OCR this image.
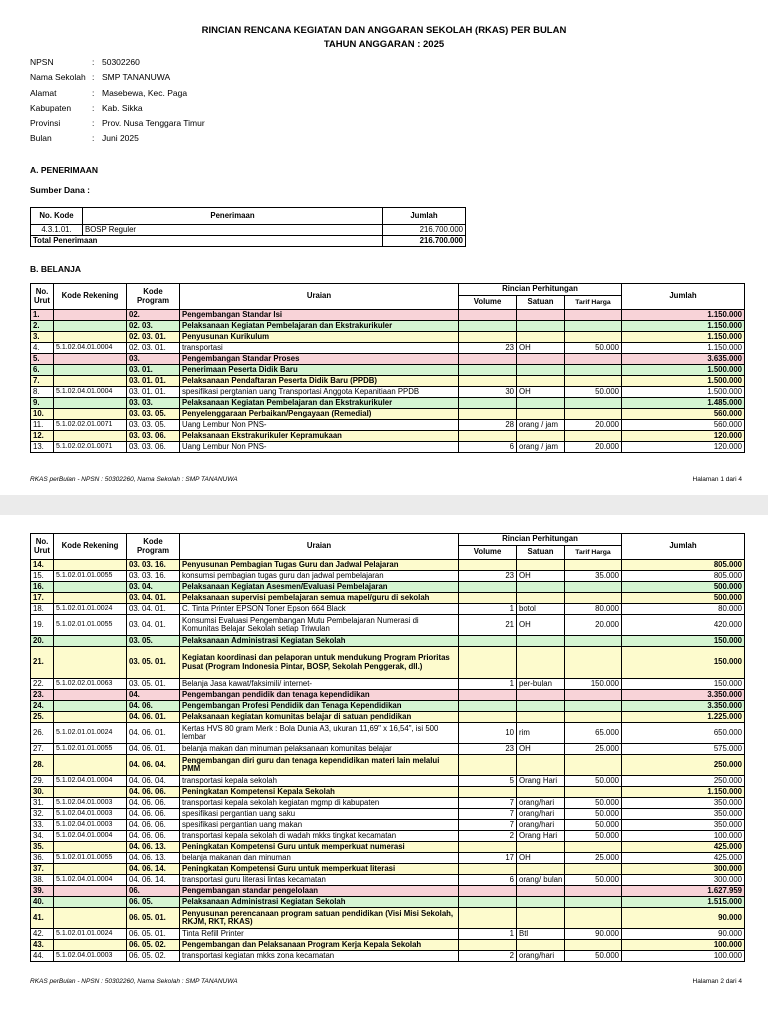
RINCIAN RENCANA KEGIATAN DAN ANGGARAN SEKOLAH (RKAS) PER BULAN
TAHUN ANGGARAN : 2025
NPSN	: 50302260
Nama Sekolah : SMP TANANUWA
Alamat	: Masebewa, Kec. Paga
Kabupaten : Kab. Sikka
Provinsi	: Prov. Nusa Tenggara Timur
Bulan	: Juni 2025
A. PENERIMAAN
Sumber Dana :
No. Kode	Penerimaan	Jumlah
4.3.1.01.	BOSP Reguler	216.700.000
Total Penerimaan		216.700.000
B. BELANJA
No. Urut	Kode Rekening	Kode Program	Uraian	Rincian Perhitungan			Jumlah
				Volume	Satuan	Tarif Harga	
1.		02.	Pengembangan Standar Isi				1.150.000
2.		02. 03.	Pelaksanaan Kegiatan Pembelajaran dan Ekstrakurikuler				1.150.000
3.		02. 03. 01.	Penyusunan Kurikulum				1.150.000
4.	5.1.02.04.01.0004	02. 03. 01.	transportasi	23	OH	50.000	1.150.000
5.		03.	Pengembangan Standar Proses				3.635.000
6.		03. 01.	Penerimaan Peserta Didik Baru				1.500.000
7.		03. 01. 01.	Pelaksanaan Pendaftaran Peserta Didik Baru (PPDB)				1.500.000
8.	5.1.02.04.01.0004	03. 01. 01.	spesifikasi pergtanian uang Transportasi Anggota Kepanitiaan PPDB	30	OH	50.000	1.500.000
9.		03. 03.	Pelaksanaan Kegiatan Pembelajaran dan Ekstrakurikuler				1.485.000
10.		03. 03. 05.	Penyelenggaraan Perbaikan/Pengayaan (Remedial)				560.000
11.	5.1.02.02.01.0071	03. 03. 05.	Uang Lembur Non PNS-	28	orang / jam	20.000	560.000
12.		03. 03. 06.	Pelaksanaan Ekstrakurikuler Kepramukaan				120.000
13.	5.1.02.02.01.0071	03. 03. 06.	Uang Lembur Non PNS-	6	orang / jam	20.000	120.000
RKAS perBulan - NPSN : 50302260, Nama Sekolah : SMP TANANUWA	Halaman 1 dari 4
No. Urut	Kode Rekening	Kode Program	Uraian	Rincian Perhitungan			Jumlah
				Volume	Satuan	Tarif Harga	
14.		03. 03. 16.	Penyusunan Pembagian Tugas Guru dan Jadwal Pelajaran				805.000
15.	5.1.02.01.01.0055	03. 03. 16.	konsumsi pembagian tugas guru dan jadwal pembelajaran	23	OH	35.000	805.000
16.		03. 04.	Pelaksanaan Kegiatan Asesmen/Evaluasi Pembelajaran				500.000
17.		03. 04. 01.	Pelaksanaan supervisi pembelajaran semua mapel/guru di sekolah				500.000
18.	5.1.02.01.01.0024	03. 04. 01.	C. Tinta Printer EPSON Toner Epson 664 Black	1	botol	80.000	80.000
19.	5.1.02.01.01.0055	03. 04. 01.	Konsumsi Evaluasi Pengembangan Mutu Pembelajaran Numerasi di Komunitas Belajar Sekolah setiap Triwulan	21	OH	20.000	420.000
20.		03. 05.	Pelaksanaan Administrasi Kegiatan Sekolah				150.000
21.		03. 05. 01.	Kegiatan koordinasi dan pelaporan untuk mendukung Program Prioritas Pusat (Program Indonesia Pintar, BOSP, Sekolah Penggerak, dll.)				150.000
22.	5.1.02.02.01.0063	03. 05. 01.	Belanja Jasa kawat/faksimili/ internet-	1	per-bulan	150.000	150.000
23.		04.	Pengembangan pendidik dan tenaga kependidikan				3.350.000
24.		04. 06.	Pengembangan Profesi Pendidik dan Tenaga Kependidikan				3.350.000
25.		04. 06. 01.	Pelaksanaan kegiatan komunitas belajar di satuan pendidikan				1.225.000
26.	5.1.02.01.01.0024	04. 06. 01.	Kertas HVS 80 gram Merk : Bola Dunia A3, ukuran 11,69" x 16,54", isi 500 lembar	10	rim	65.000	650.000
27.	5.1.02.01.01.0055	04. 06. 01.	belanja makan dan minuman pelaksanaan komunitas belajar	23	OH	25.000	575.000
28.		04. 06. 04.	Pengembangan diri guru dan tenaga kependidikan materi lain melalui PMM				250.000
29.	5.1.02.04.01.0004	04. 06. 04.	transportasi kepala sekolah	5	Orang Hari	50.000	250.000
30.		04. 06. 06.	Peningkatan Kompetensi Kepala Sekolah				1.150.000
31.	5.1.02.04.01.0003	04. 06. 06.	transportasi kepala sekolah kegiatan mgmp di kabupaten	7	orang/hari	50.000	350.000
32.	5.1.02.04.01.0003	04. 06. 06.	spesifikasi pergantian uang saku	7	orang/hari	50.000	350.000
33.	5.1.02.04.01.0003	04. 06. 06.	spesifikasi pergantian uang makan	7	orang/hari	50.000	350.000
34.	5.1.02.04.01.0004	04. 06. 06.	transportasi kepala sekolah di wadah mkks tingkat kecamatan	2	Orang Hari	50.000	100.000
35.		04. 06. 13.	Peningkatan Kompetensi Guru untuk memperkuat numerasi				425.000
36.	5.1.02.01.01.0055	04. 06. 13.	belanja makanan dan minuman	17	OH	25.000	425.000
37.		04. 06. 14.	Peningkatan Kompetensi Guru untuk memperkuat literasi				300.000
38.	5.1.02.04.01.0004	04. 06. 14.	transportasi guru literasi lintas kecamatan	6	orang/ bulan	50.000	300.000
39.		06.	Pengembangan standar pengelolaan				1.627.959
40.		06. 05.	Pelaksanaan Administrasi Kegiatan Sekolah				1.515.000
41.		06. 05. 01.	Penyusunan perencanaan program satuan pendidikan (Visi Misi Sekolah, RKJM, RKT, RKAS)				90.000
42.	5.1.02.01.01.0024	06. 05. 01.	Tinta Refill Printer	1	Btl	90.000	90.000
43.		06. 05. 02.	Pengembangan dan Pelaksanaan Program Kerja Kepala Sekolah				100.000
44.	5.1.02.04.01.0003	06. 05. 02.	transportasi kegiatan mkks zona kecamatan	2	orang/hari	50.000	100.000
RKAS perBulan - NPSN : 50302260, Nama Sekolah : SMP TANANUWA	Halaman 2 dari 4
